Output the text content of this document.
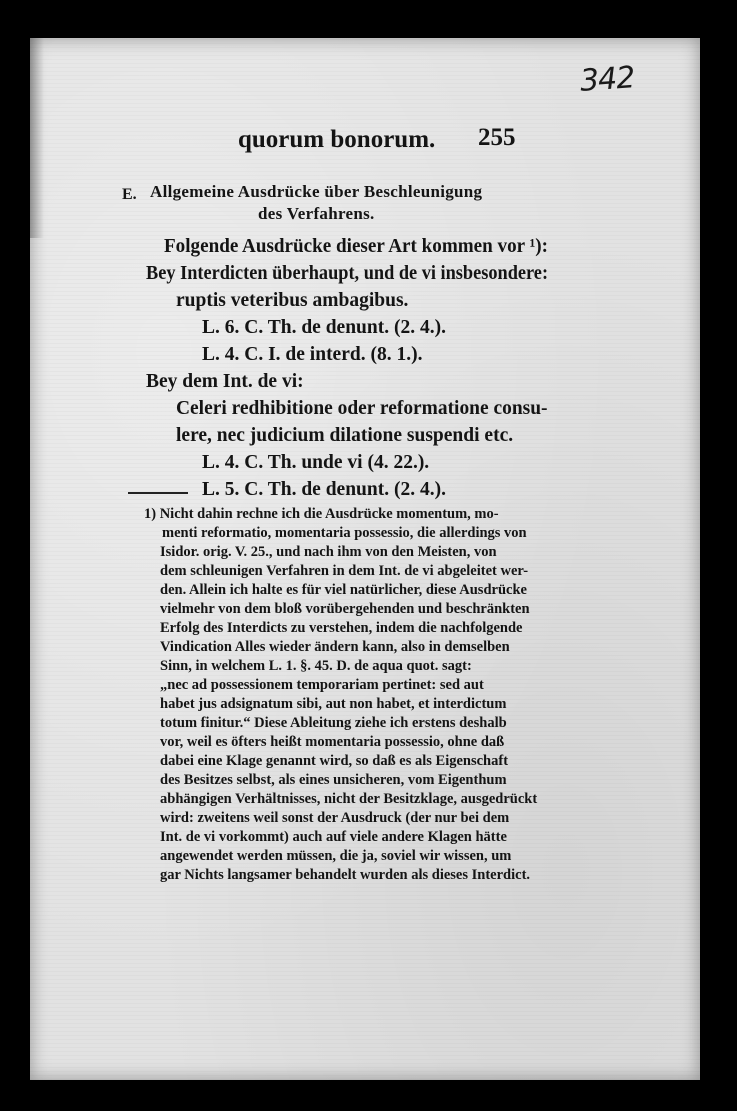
342
quorum bonorum. 255
E. Allgemeine Ausdrücke über Beschleunigung
des Verfahrens.
Folgende Ausdrücke dieser Art kommen vor ¹):
Bey Interdicten überhaupt, und de vi insbesondere:
ruptis veteribus ambagibus.
L. 6. C. Th. de denunt. (2. 4.).
L. 4. C. I. de interd. (8. 1.).
Bey dem Int. de vi:
Celeri redhibitione oder reformatione consu-
lere, nec judicium dilatione suspendi etc.
L. 4. C. Th. unde vi (4. 22.).
L. 5. C. Th. de denunt. (2. 4.).
1) Nicht dahin rechne ich die Ausdrücke momentum, mo-
menti reformatio, momentaria possessio, die allerdings von
Isidor. orig. V. 25., und nach ihm von den Meisten, von
dem schleunigen Verfahren in dem Int. de vi abgeleitet wer-
den. Allein ich halte es für viel natürlicher, diese Ausdrücke
vielmehr von dem bloß vorübergehenden und beschränkten
Erfolg des Interdicts zu verstehen, indem die nachfolgende
Vindication Alles wieder ändern kann, also in demselben
Sinn, in welchem L. 1. §. 45. D. de aqua quot. sagt:
„nec ad possessionem temporariam pertinet: sed aut
habet jus adsignatum sibi, aut non habet, et interdictum
totum finitur.“ Diese Ableitung ziehe ich erstens deshalb
vor, weil es öfters heißt momentaria possessio, ohne daß
dabei eine Klage genannt wird, so daß es als Eigenschaft
des Besitzes selbst, als eines unsicheren, vom Eigenthum
abhängigen Verhältnisses, nicht der Besitzklage, ausgedrückt
wird: zweitens weil sonst der Ausdruck (der nur bei dem
Int. de vi vorkommt) auch auf viele andere Klagen hätte
angewendet werden müssen, die ja, soviel wir wissen, um
gar Nichts langsamer behandelt wurden als dieses Interdict.
